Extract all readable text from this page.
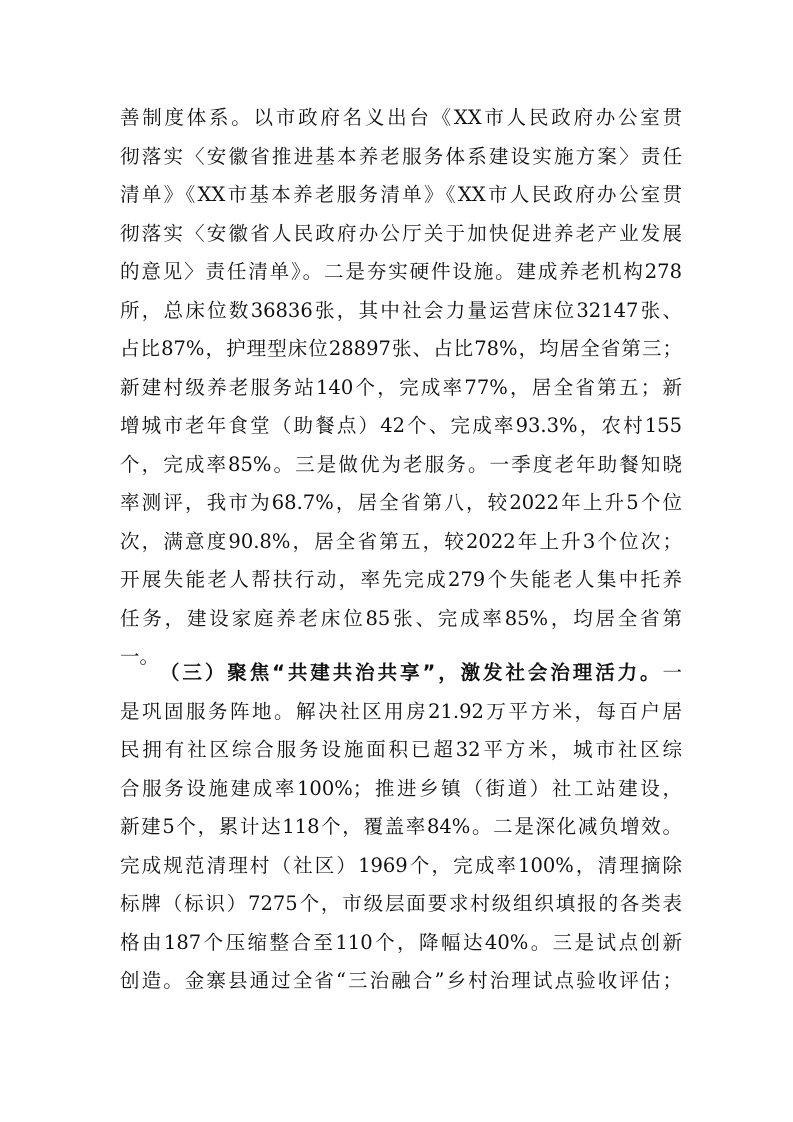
善制度体系。以市政府名义出台《XX市人民政府办公室贯
彻落实〈安徽省推进基本养老服务体系建设实施方案〉责任
清单》《XX市基本养老服务清单》《XX市人民政府办公室贯
彻落实〈安徽省人民政府办公厅关于加快促进养老产业发展
的意见〉责任清单》。二是夯实硬件设施。建成养老机构278
所，总床位数36836张，其中社会力量运营床位32147张、
占比87%，护理型床位28897张、占比78%，均居全省第三；
新建村级养老服务站140个，完成率77%，居全省第五；新
增城市老年食堂（助餐点）42个、完成率93.3%，农村155
个，完成率85%。三是做优为老服务。一季度老年助餐知晓
率测评，我市为68.7%，居全省第八，较2022年上升5个位
次，满意度90.8%，居全省第五，较2022年上升3个位次；
开展失能老人帮扶行动，率先完成279个失能老人集中托养
任务，建设家庭养老床位85张、完成率85%，均居全省第
一。
（三）聚焦“共建共治共享”，激发社会治理活力。一
是巩固服务阵地。解决社区用房21.92万平方米，每百户居
民拥有社区综合服务设施面积已超32平方米，城市社区综
合服务设施建成率100%；推进乡镇（街道）社工站建设，
新建5个，累计达118个，覆盖率84%。二是深化减负增效。
完成规范清理村（社区）1969个，完成率100%，清理摘除
标牌（标识）7275个，市级层面要求村级组织填报的各类表
格由187个压缩整合至110个，降幅达40%。三是试点创新
创造。金寨县通过全省“三治融合”乡村治理试点验收评估；
